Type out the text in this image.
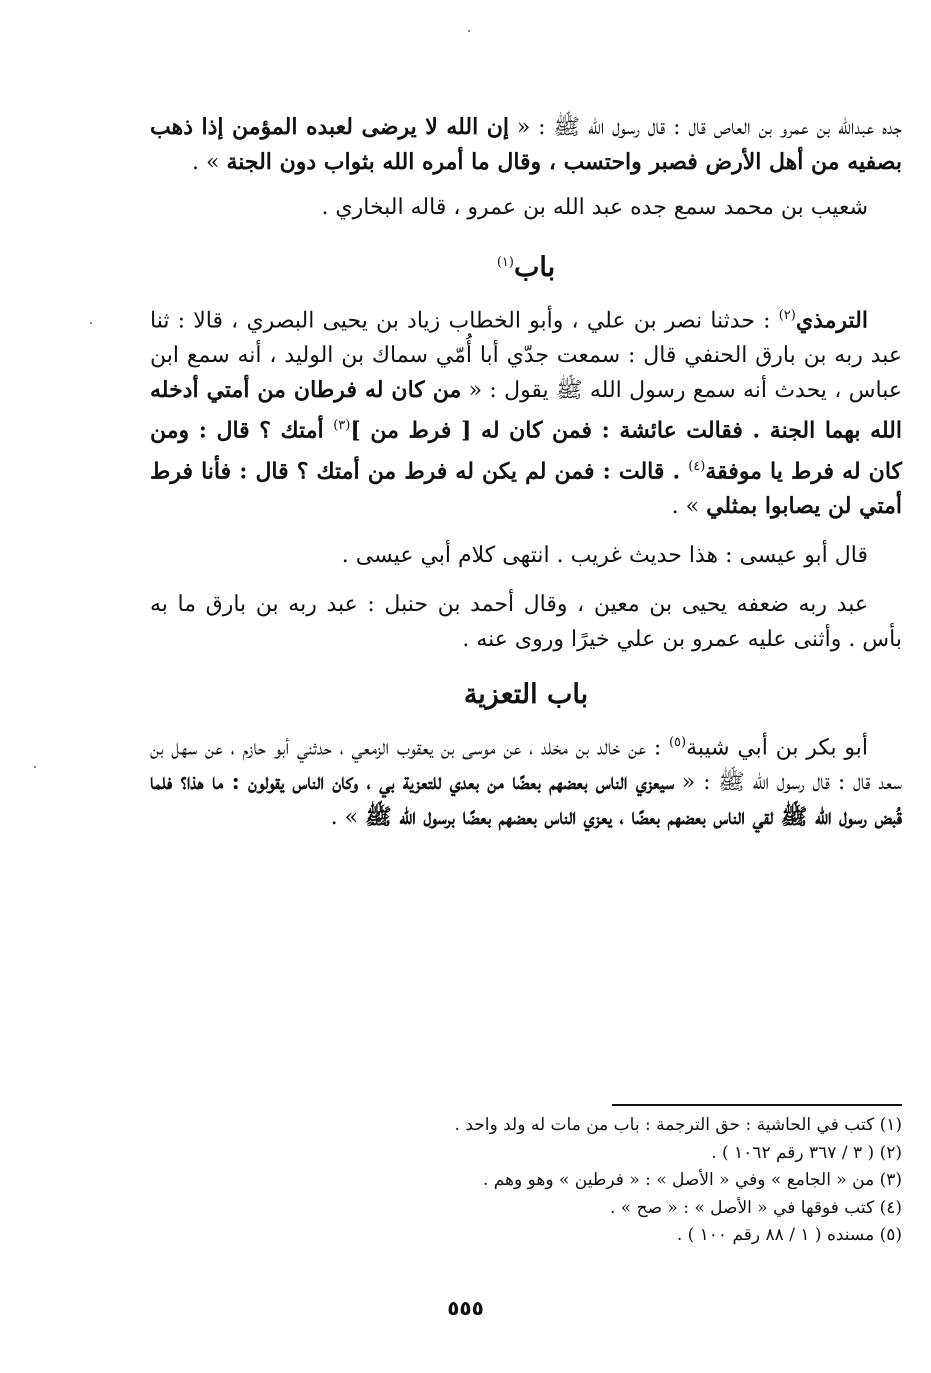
جده عبدالله بن عمرو بن العاص قال : قال رسول الله ﷺ : « إن الله لا يرضى لعبده المؤمن إذا ذهب بصفيه من أهل الأرض فصبر واحتسب ، وقال ما أمره الله بثواب دون الجنة » .

شعيب بن محمد سمع جده عبد الله بن عمرو ، قاله البخاري .

باب$^{(١)}$

الترمذي$^{(٢)}$ : حدثنا نصر بن علي ، وأبو الخطاب زياد بن يحيى البصري ، قالا : ثنا عبد ربه بن بارق الحنفي قال : سمعت جدّي أبا أُمّي سماك بن الوليد ، أنه سمع ابن عباس ، يحدث أنه سمع رسول الله ﷺ يقول : « من كان له فرطان من أمتي أدخله الله بهما الجنة . فقالت عائشة : فمن كان له [ فرط من ]$^{(٣)}$ أمتك ؟ قال : ومن كان له فرط يا موفقة$^{(٤)}$ . قالت : فمن لم يكن له فرط من أمتك ؟ قال : فأنا فرط أمتي لن يصابوا بمثلي » .

قال أبو عيسى : هذا حديث غريب . انتهى كلام أبي عيسى .

عبد ربه ضعفه يحيى بن معين ، وقال أحمد بن حنبل : عبد ربه بن بارق ما به بأس . وأثنى عليه عمرو بن علي خيرًا وروى عنه .

باب التعزية

أبو بكر بن أبي شيبة$^{(٥)}$ : عن خالد بن مخلد ، عن موسى بن يعقوب الزمعي ، حدثني أبو حازم ، عن سهل بن سعد قال : قال رسول الله ﷺ : « سيعزي الناس بعضهم بعضًا من بعدي للتعزية بي ، وكان الناس يقولون : ما هذا؟ فلما قُبض رسول الله ﷺ لقي الناس بعضهم بعضًا ، يعزي الناس بعضهم بعضًا برسول الله ﷺ » .

(١) كتب في الحاشية : حق الترجمة : باب من مات له ولد واحد .

(٢) ( ٣ / ٣٦٧ رقم ١٠٦٢ ) .

(٣) من « الجامع » وفي « الأصل » : « فرطين » وهو وهم .

(٤) كتب فوقها في « الأصل » : « صح » .

(٥) مسنده ( ١ / ٨٨ رقم ١٠٠ ) .

٥٥٥
